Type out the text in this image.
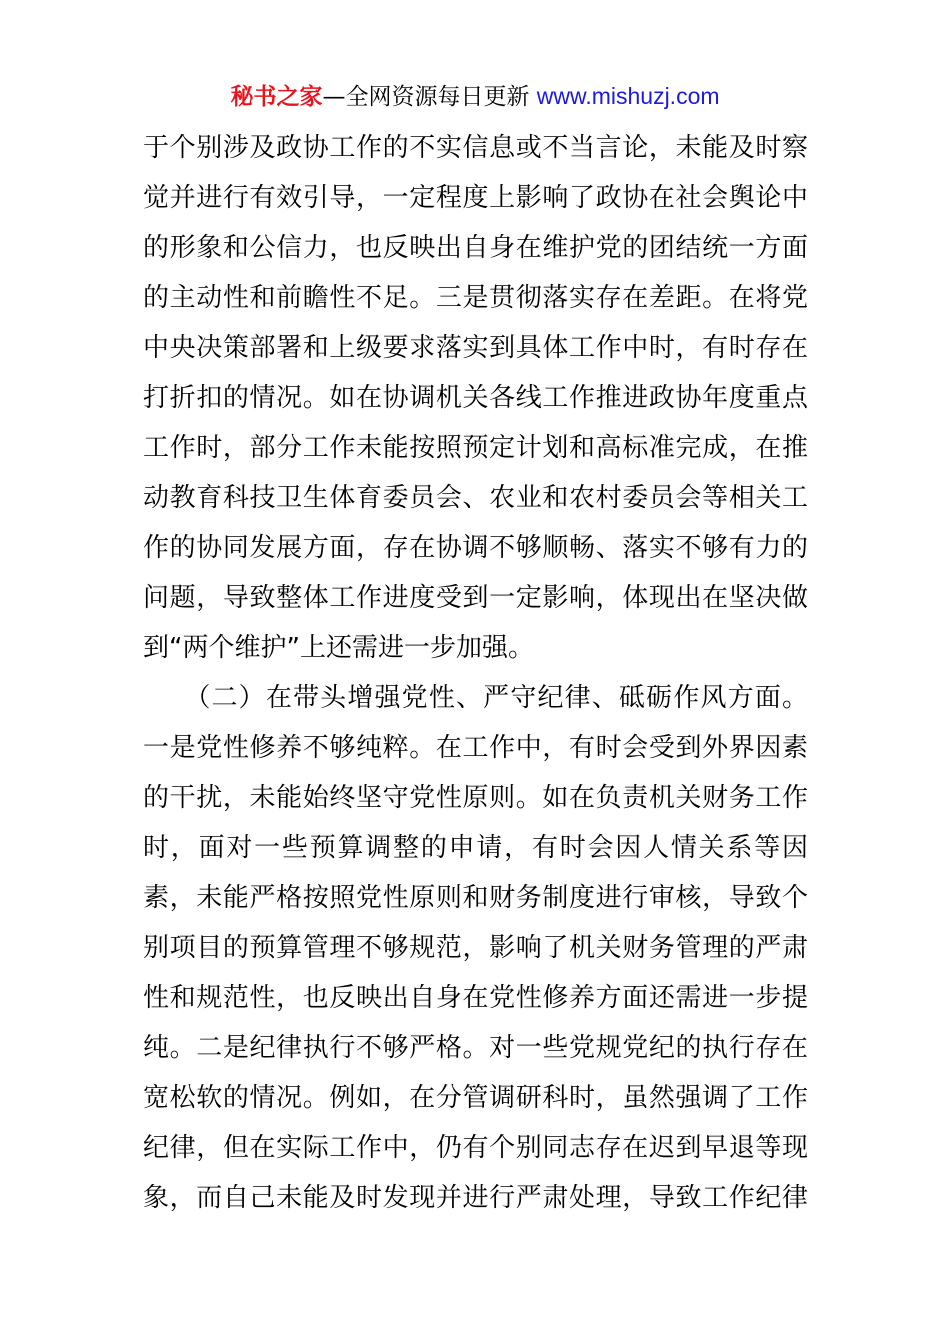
秘书之家—全网资源每日更新 www.mishuzj.com
于个别涉及政协工作的不实信息或不当言论，未能及时察
觉并进行有效引导，一定程度上影响了政协在社会舆论中
的形象和公信力，也反映出自身在维护党的团结统一方面
的主动性和前瞻性不足。三是贯彻落实存在差距。在将党
中央决策部署和上级要求落实到具体工作中时，有时存在
打折扣的情况。如在协调机关各线工作推进政协年度重点
工作时，部分工作未能按照预定计划和高标准完成，在推
动教育科技卫生体育委员会、农业和农村委员会等相关工
作的协同发展方面，存在协调不够顺畅、落实不够有力的
问题，导致整体工作进度受到一定影响，体现出在坚决做
到“两个维护”上还需进一步加强。
　　（二）在带头增强党性、严守纪律、砥砺作风方面。
一是党性修养不够纯粹。在工作中，有时会受到外界因素
的干扰，未能始终坚守党性原则。如在负责机关财务工作
时，面对一些预算调整的申请，有时会因人情关系等因
素，未能严格按照党性原则和财务制度进行审核，导致个
别项目的预算管理不够规范，影响了机关财务管理的严肃
性和规范性，也反映出自身在党性修养方面还需进一步提
纯。二是纪律执行不够严格。对一些党规党纪的执行存在
宽松软的情况。例如，在分管调研科时，虽然强调了工作
纪律，但在实际工作中，仍有个别同志存在迟到早退等现
象，而自己未能及时发现并进行严肃处理，导致工作纪律
